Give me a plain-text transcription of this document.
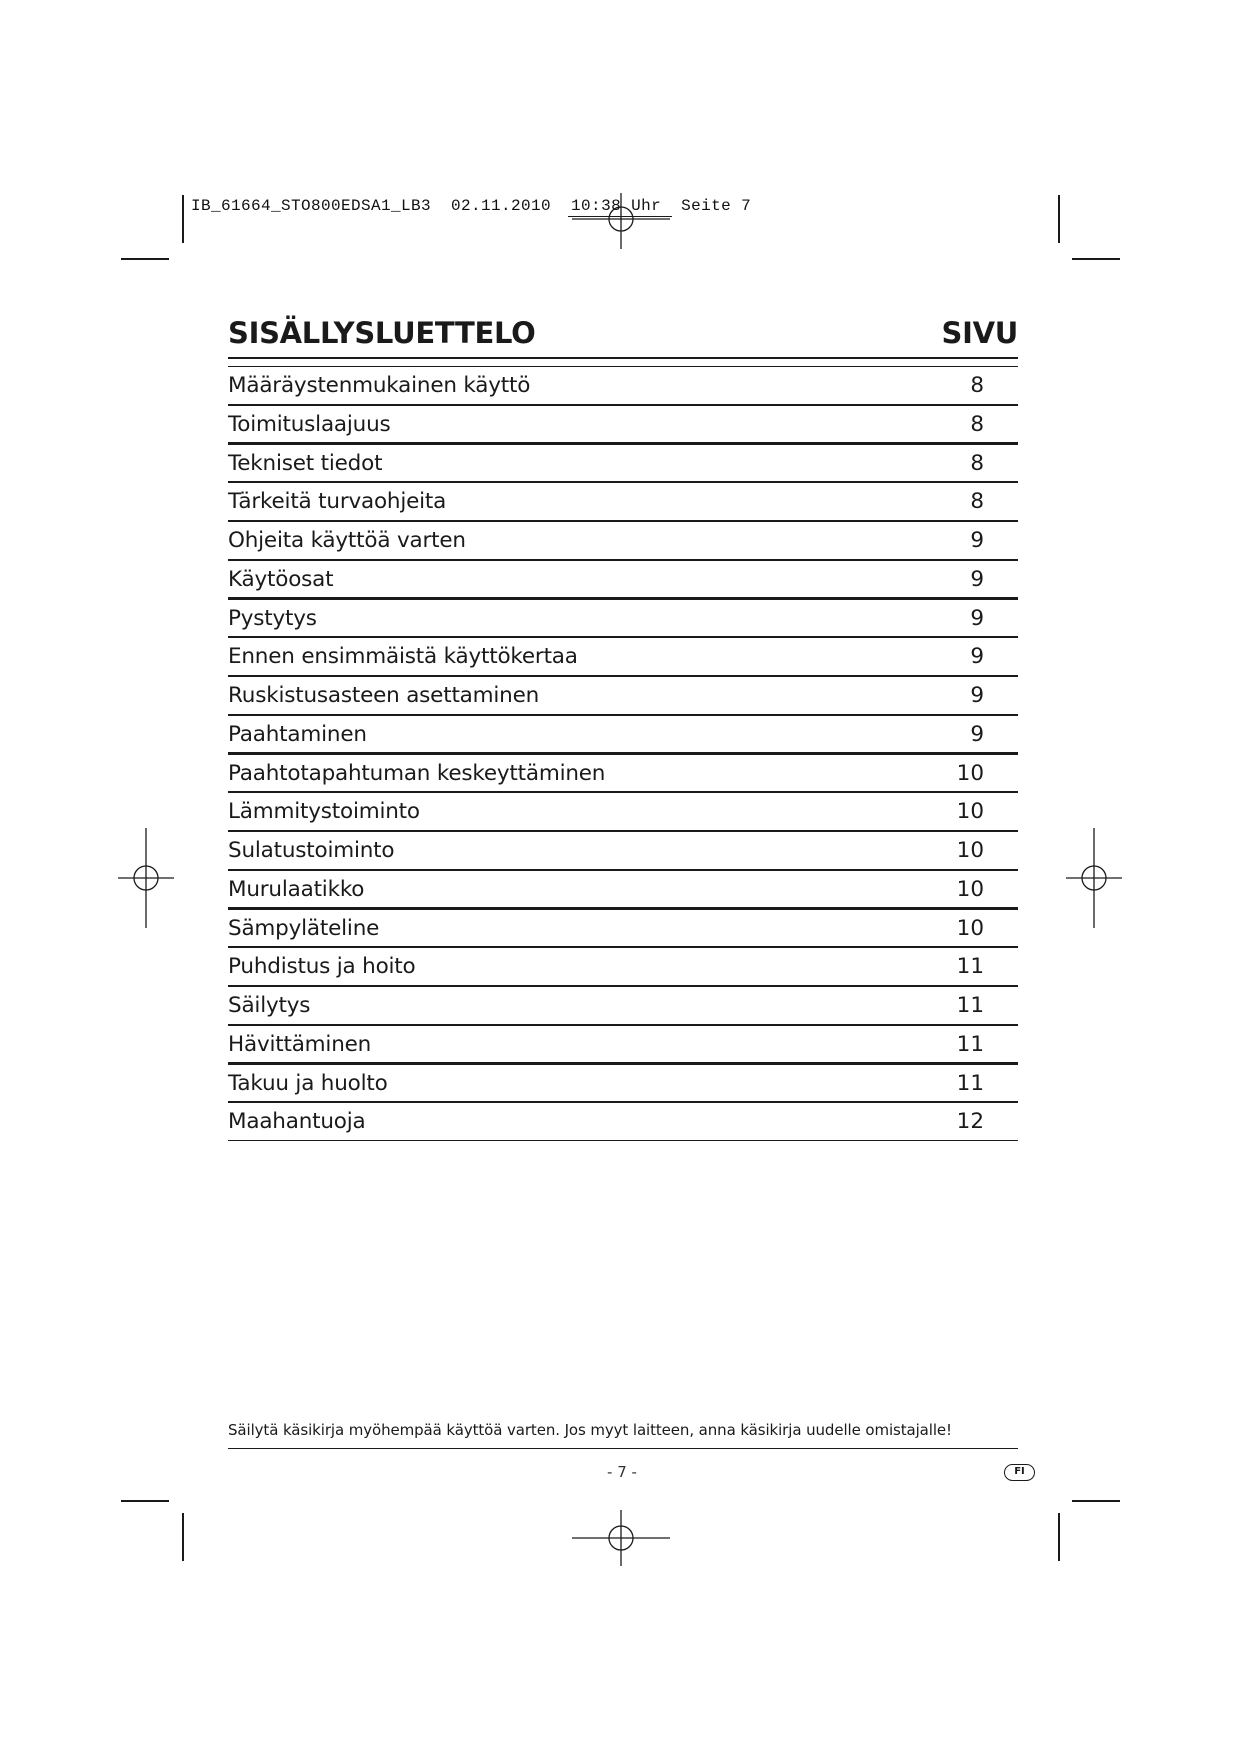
IB_61664_STO800EDSA1_LB3  02.11.2010  10:38 Uhr  Seite 7
SISÄLLYSLUETTELO	SIVU
Määräystenmukainen käyttö	8
Toimituslaajuus	8
Tekniset tiedot	8
Tärkeitä turvaohjeita	8
Ohjeita käyttöä varten	9
Käytöosat	9
Pystytys	9
Ennen ensimmäistä käyttökertaa	9
Ruskistusasteen asettaminen	9
Paahtaminen	9
Paahtotapahtuman keskeyttäminen	10
Lämmitystoiminto	10
Sulatustoiminto	10
Murulaatikko	10
Sämpyläteline	10
Puhdistus ja hoito	11
Säilytys	11
Hävittäminen	11
Takuu ja huolto	11
Maahantuoja	12
Säilytä käsikirja myöhempää käyttöä varten. Jos myyt laitteen, anna käsikirja uudelle omistajalle!
- 7 -	FI
